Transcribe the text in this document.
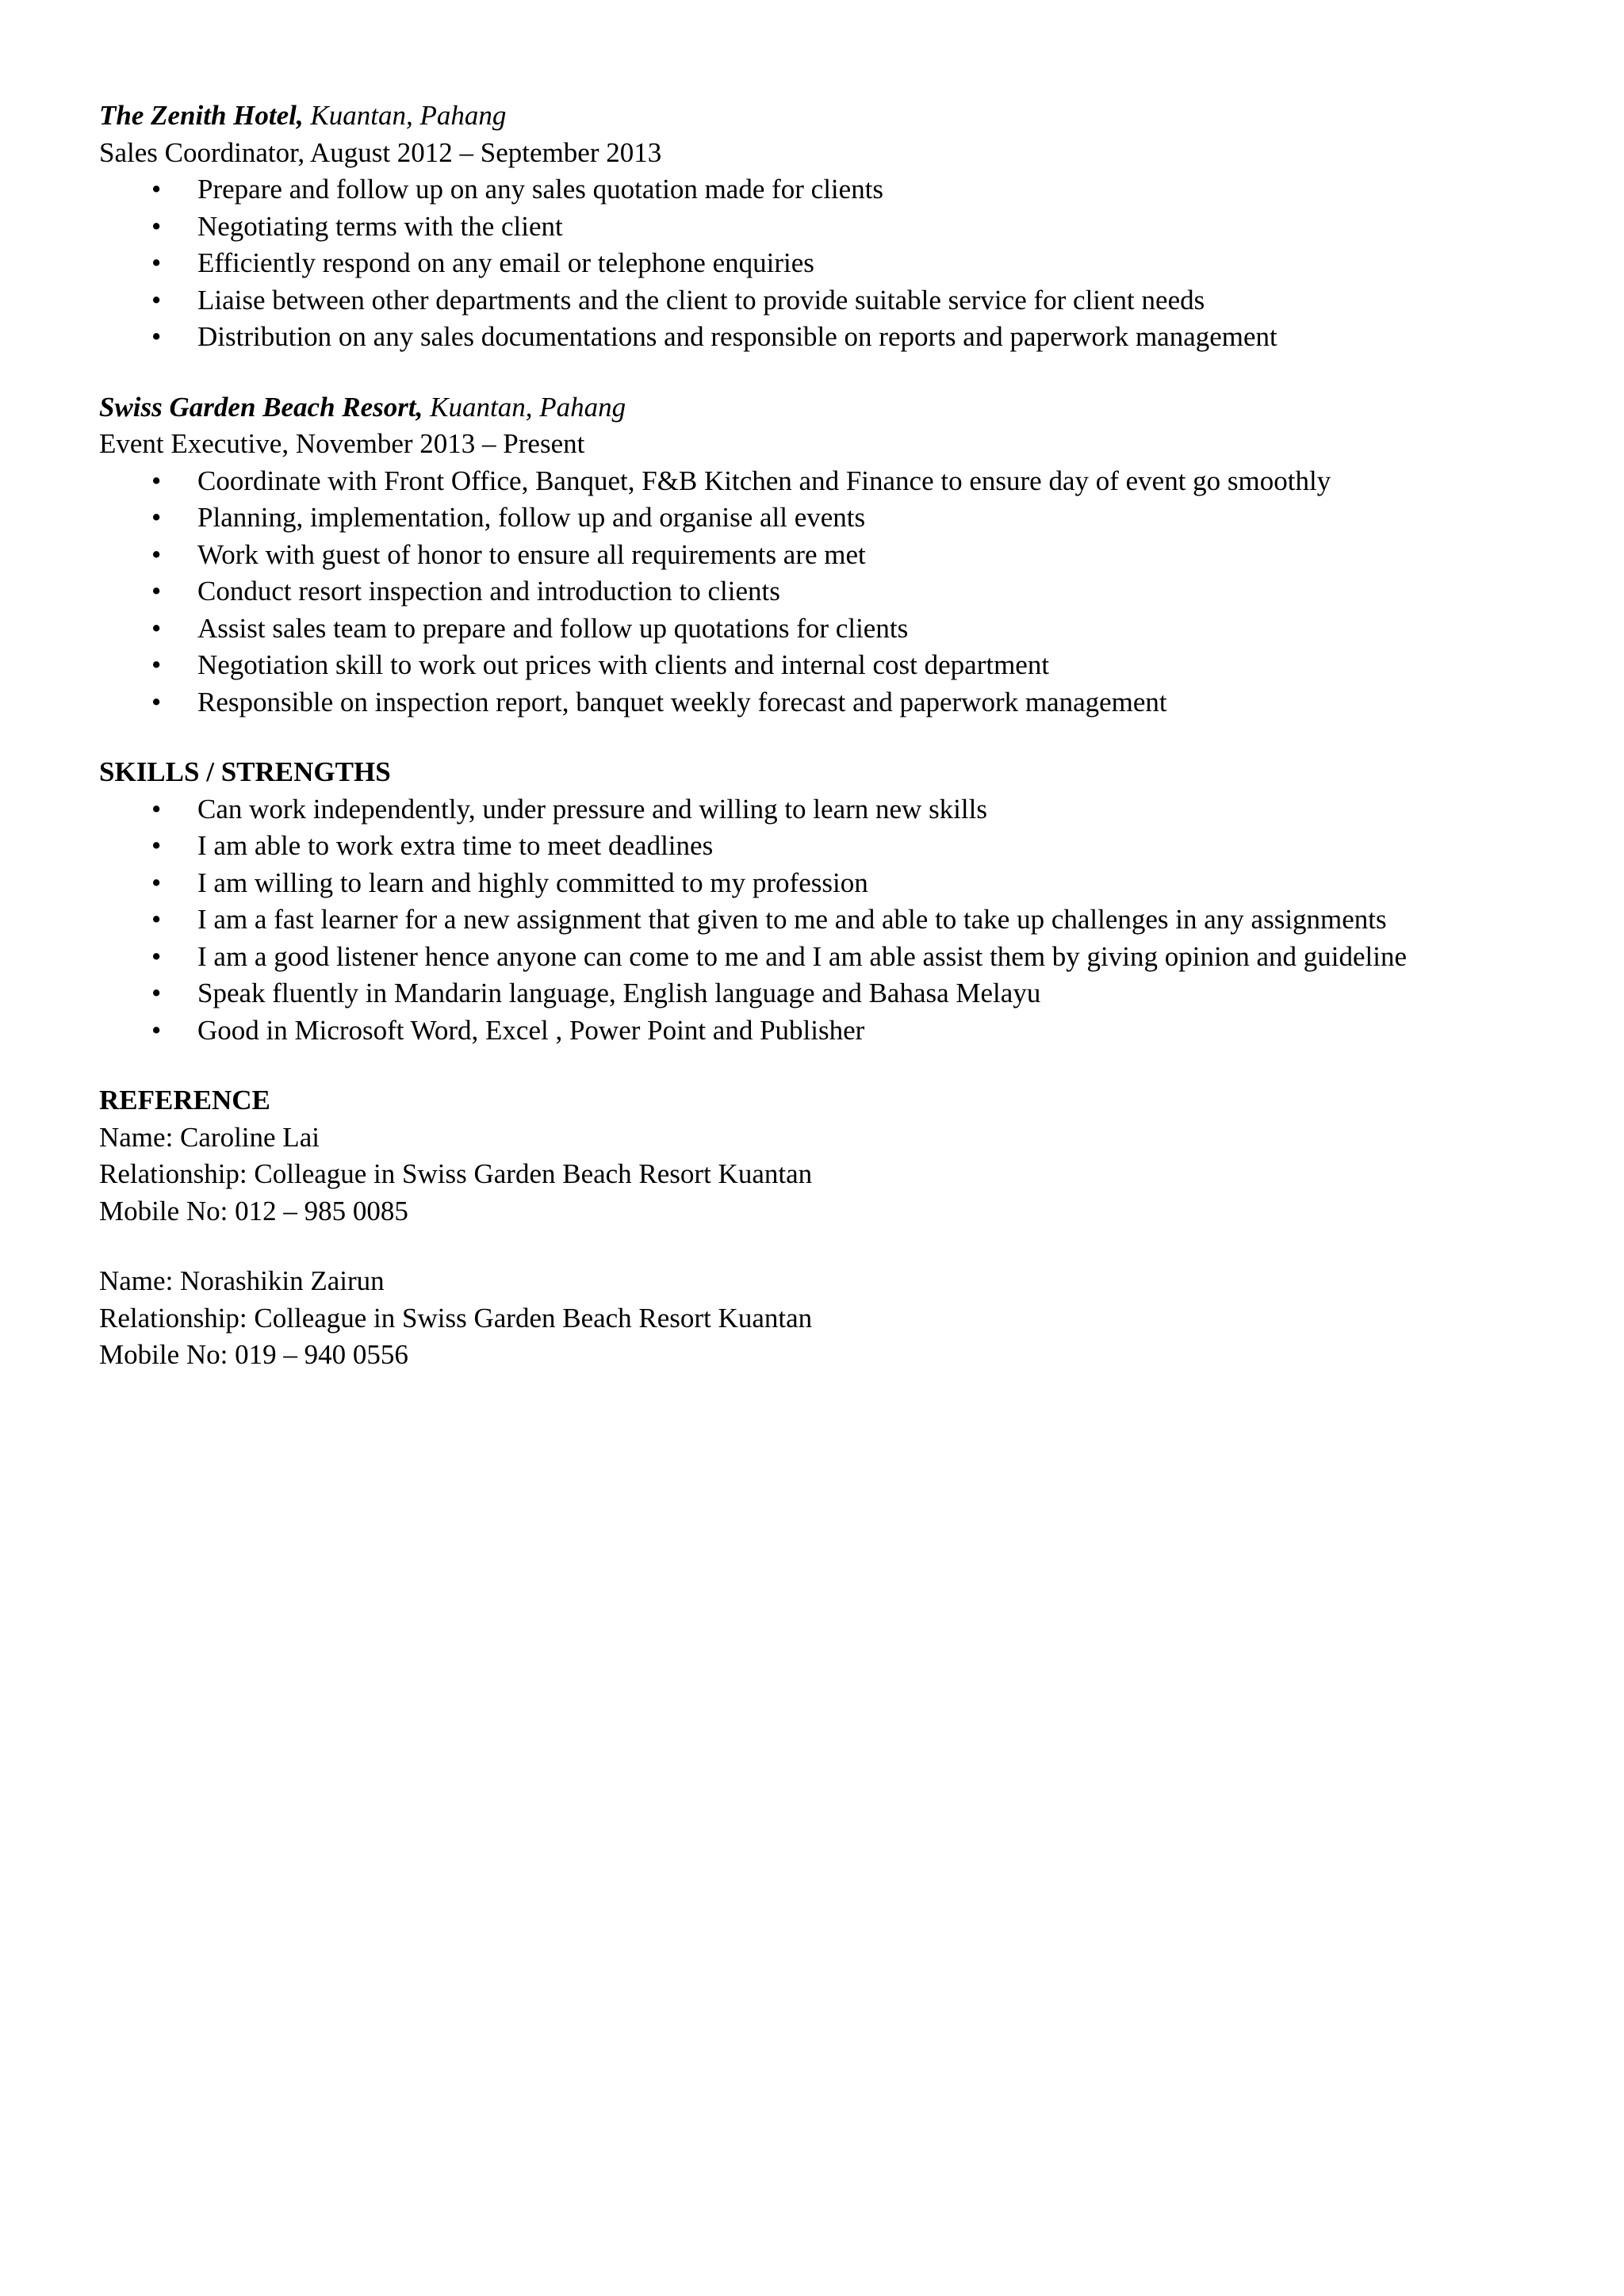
The Zenith Hotel, Kuantan, Pahang
Sales Coordinator, August 2012 – September 2013
• Prepare and follow up on any sales quotation made for clients
• Negotiating terms with the client
• Efficiently respond on any email or telephone enquiries
• Liaise between other departments and the client to provide suitable service for client needs
• Distribution on any sales documentations and responsible on reports and paperwork management
Swiss Garden Beach Resort, Kuantan, Pahang
Event Executive, November 2013 – Present
• Coordinate with Front Office, Banquet, F&B Kitchen and Finance to ensure day of event go smoothly
• Planning, implementation, follow up and organise all events
• Work with guest of honor to ensure all requirements are met
• Conduct resort inspection and introduction to clients
• Assist sales team to prepare and follow up quotations for clients
• Negotiation skill to work out prices with clients and internal cost department
• Responsible on inspection report, banquet weekly forecast and paperwork management
SKILLS / STRENGTHS
• Can work independently, under pressure and willing to learn new skills
• I am able to work extra time to meet deadlines
• I am willing to learn and highly committed to my profession
• I am a fast learner for a new assignment that given to me and able to take up challenges in any assignments
• I am a good listener hence anyone can come to me and I am able assist them by giving opinion and guideline
• Speak fluently in Mandarin language, English language and Bahasa Melayu
• Good in Microsoft Word, Excel , Power Point and Publisher
REFERENCE
Name: Caroline Lai
Relationship: Colleague in Swiss Garden Beach Resort Kuantan
Mobile No: 012 – 985 0085
Name: Norashikin Zairun
Relationship: Colleague in Swiss Garden Beach Resort Kuantan
Mobile No: 019 – 940 0556
